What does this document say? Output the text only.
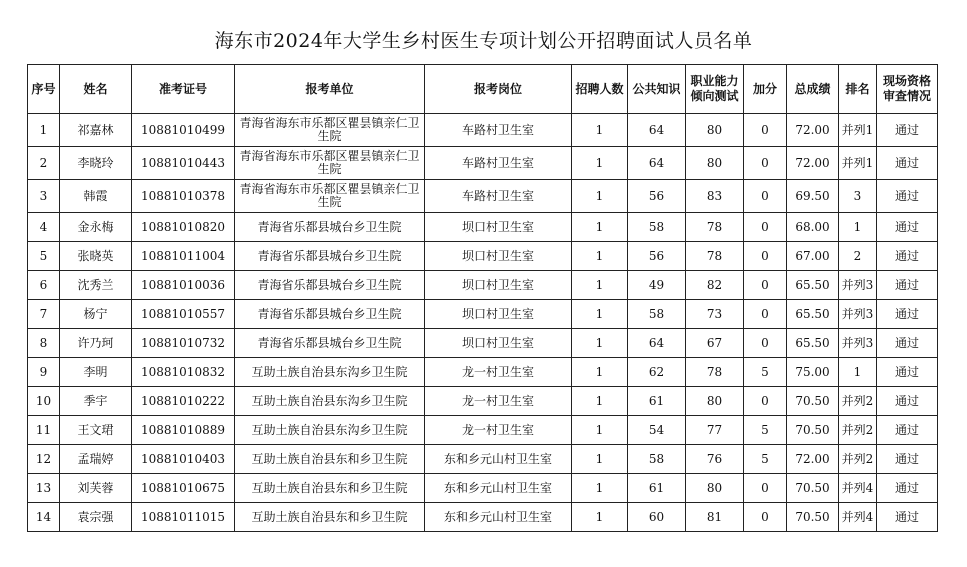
海东市2024年大学生乡村医生专项计划公开招聘面试人员名单
序号	姓名	准考证号	报考单位	报考岗位	招聘人数	公共知识	职业能力倾向测试	加分	总成绩	排名	现场资格审查情况
1	祁嘉林	10881010499	青海省海东市乐都区瞿昙镇亲仁卫生院	车路村卫生室	1	64	80	0	72.00	并列1	通过
2	李晓玲	10881010443	青海省海东市乐都区瞿昙镇亲仁卫生院	车路村卫生室	1	64	80	0	72.00	并列1	通过
3	韩霞	10881010378	青海省海东市乐都区瞿昙镇亲仁卫生院	车路村卫生室	1	56	83	0	69.50	3	通过
4	金永梅	10881010820	青海省乐都县城台乡卫生院	坝口村卫生室	1	58	78	0	68.00	1	通过
5	张晓英	10881011004	青海省乐都县城台乡卫生院	坝口村卫生室	1	56	78	0	67.00	2	通过
6	沈秀兰	10881010036	青海省乐都县城台乡卫生院	坝口村卫生室	1	49	82	0	65.50	并列3	通过
7	杨宁	10881010557	青海省乐都县城台乡卫生院	坝口村卫生室	1	58	73	0	65.50	并列3	通过
8	许乃珂	10881010732	青海省乐都县城台乡卫生院	坝口村卫生室	1	64	67	0	65.50	并列3	通过
9	李明	10881010832	互助土族自治县东沟乡卫生院	龙一村卫生室	1	62	78	5	75.00	1	通过
10	季宇	10881010222	互助土族自治县东沟乡卫生院	龙一村卫生室	1	61	80	0	70.50	并列2	通过
11	王文珺	10881010889	互助土族自治县东沟乡卫生院	龙一村卫生室	1	54	77	5	70.50	并列2	通过
12	孟瑞婷	10881010403	互助土族自治县东和乡卫生院	东和乡元山村卫生室	1	58	76	5	72.00	并列2	通过
13	刘芙蓉	10881010675	互助土族自治县东和乡卫生院	东和乡元山村卫生室	1	61	80	0	70.50	并列4	通过
14	袁宗强	10881011015	互助土族自治县东和乡卫生院	东和乡元山村卫生室	1	60	81	0	70.50	并列4	通过
